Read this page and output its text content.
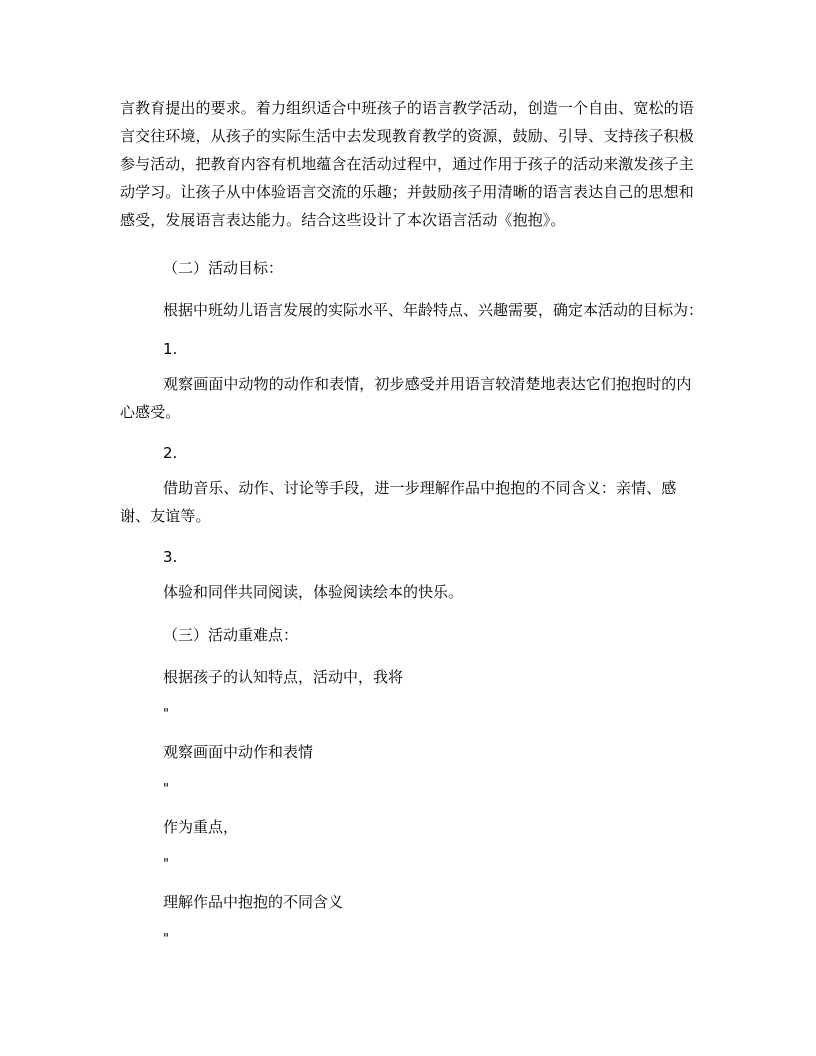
言教育提出的要求。着力组织适合中班孩子的语言教学活动，创造一个自由、宽松的语言交往环境，从孩子的实际生活中去发现教育教学的资源，鼓励、引导、支持孩子积极参与活动，把教育内容有机地蕴含在活动过程中，通过作用于孩子的活动来激发孩子主动学习。让孩子从中体验语言交流的乐趣；并鼓励孩子用清晰的语言表达自己的思想和感受，发展语言表达能力。结合这些设计了本次语言活动《抱抱》。

（二）活动目标：

根据中班幼儿语言发展的实际水平、年龄特点、兴趣需要，确定本活动的目标为：

1.

观察画面中动物的动作和表情，初步感受并用语言较清楚地表达它们抱抱时的内心感受。

2.

借助音乐、动作、讨论等手段，进一步理解作品中抱抱的不同含义：亲情、感谢、友谊等。

3.

体验和同伴共同阅读，体验阅读绘本的快乐。

（三）活动重难点：

根据孩子的认知特点，活动中，我将

"

观察画面中动作和表情

"

作为重点，

"

理解作品中抱抱的不同含义

"
